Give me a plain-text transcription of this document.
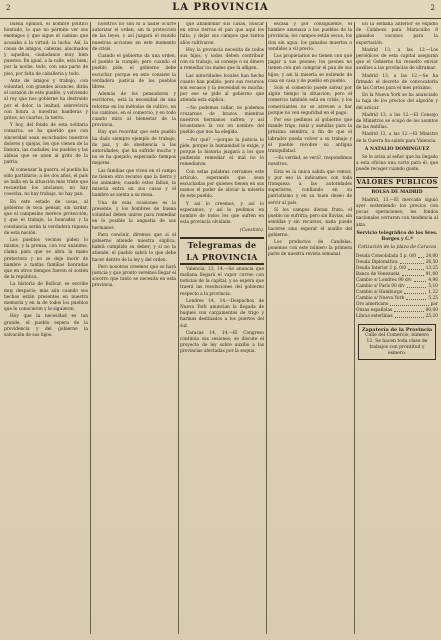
2	LA PROVINCIA	2

buena opinion, el hombre político honrado, lo que no permite ver sus enemigos y que sigue el camino que acusaba a la virtud: la lucha. Así, la causa de amigos, cabezas, alucinados y aquellos, ciudadanos muy bien puestos. En igual, a la calle, está bien; por la noche, todo, con una parte de piso, por falta de caballería y todo.

Ante de amigos y trabajo, con voluntad, con grandes alcances, dirán el corazón de este pueblo, y volviendo al rey que nos gobierne ha destruido por el dolor, la lealtad, sobrevivirá con honra a nuestras banderas y gritos, no cuartos, la tierra.

Y hoy, del fondo de esta solitaria comarca, se ha querido que con sinceridad sean escuchados nuestros dolores y quejas, los que vienen de la llanura, las ciudades, los pueblos y las aldeas que se unen al grito de la patria.

Al comenzar la guerra, el pueblo ha sido partidario; a los dos años, el país se halla en la situación más triste que recuerdan los ancianos; no hay cosecha, no hay trabajo, no hay pan.

En este estado de cosas, al gobierno le toca pensar, sin tardar, que el campesino merece protección; y que el trabajo, la honradez y la constancia serán la verdadera riqueza de esta nación.

Los pueblos vecinos piden lo mismo; y la prensa, con voz unánime, clama para que se abra la mano protectora y no se deje morir de hambre a tantas familias honradas que en otros tiempos fueron el sostén de la república.

La historia de Bolívar, se escribe muy despacio; más aún cuando sus hechos están presentes en nuestra memoria y en la de todos los pueblos que le conocieron y le siguieron.

Hoy que la necesidad es tan grande, el pueblo espera de la providencia y del gobierno la salvación de sus hijos.

nosotros no son ni a nadie ocurre autorizar el orden, sin la protección de las leyes, y así juzgará el mundo nuestras acciones en este momento de crisis.

Cuando el gobierno da una orden, el pueblo la cumple; pero cuando el pueblo pide, el gobierno debe escuchar, porque en esto consiste la verdadera justicia de los pueblos libres.

Además de los pensadores y escritores, está la necesidad de una reforma en los métodos de cultivo, en los caminos, en el comercio, y en todo cuanto mira al bienestar de la provincia.

Hay que recordar que este pueblo ha dado siempre ejemplo de trabajo, de paz, y de obediencia a las autoridades; que ha sufrido mucho y no se ha quejado, esperando tiempos mejores.

Las familias que viven en el campo no tienen otro recurso que la tierra y los animales; cuando estos faltan, la miseria entra en sus casas y el hambre se sienta a su mesa.

Una de esas ocasiones es la presente, y los hombres de buena voluntad deben unirse para remediar en lo posible la angustia de sus hermanos.

Para concluir, diremos que si el gobierno atiende nuestra súplica, habrá cumplido su deber; y si no la atiende, el pueblo sabrá lo que debe hacer dentro de la ley y del orden.

Pero nosotros creemos que se hará justicia y que pronto veremos llegar el socorro que tanto se necesita en esta provincia.

que abandonar sus casas, buscar en otras tierras el pan que aquí les falta, y dejar sus campos que tantos años cultivaron.

Hoy la provincia necesita de todos sus hijos, y todos deben contribuir con su trabajo, su consejo o su dinero a remediar los males que la afligen.

Las autoridades locales han hecho cuanto han podido; pero sus recursos son escasos y la necesidad es mucha; por eso se pide al gobierno que atienda esta súplica.

—No podemos callar; no podemos cruzarnos de brazos mientras nuestros hermanos sufren; y así levantamos la voz en nombre del pueblo que nos ha elegido.

—Por qué? —porque la justicia lo pide, porque la humanidad lo exige, y porque la historia juzgará a los que pudiendo remediar el mal no lo remediaron.

Con estas palabras cerramos este artículo, esperando que sean escuchadas por quienes tienen en sus manos el poder de aliviar la miseria de este pueblo.

Y así lo creemos, y así lo esperamos, y así lo pedimos en nombre de todos los que sufren en esta provincia olvidada.

(Cuestion).
Telegramas de LA PROVINCIA

Valencia, 13, 14.—Se anuncia que mañana llegará el vapor correo con noticias de la capital, y se espera que traerá las resoluciones del gobierno respecto a la provincia.

Londres 14, 14.—Despachos de Nueva York anuncian la llegada de buques con cargamentos de trigo y harinas destinados a los puertos del sur.

Caracas 14, 14.—El Congreso continúa sus sesiones; se discute el proyecto de ley sobre auxilio a las provincias afectadas por la sequía.

escasa y por consiguiente, el hambre amenaza a los pueblos de la provincia; los campos están secos, los ríos sin agua, los ganados muertos o vendidos a vil precio.

Los propietarios no tienen con qué pagar a sus peones; los peones no tienen con qué comprar el pan de sus hijos; y así la miseria se extiende de casa en casa y de pueblo en pueblo.

Solo el comercio puede salvar por algún tiempo la situación; pero el comercio también está en crisis, y los comerciantes no se atreven a fiar porque no ven seguridad en el pago.

Por eso pedimos al gobierno que mande trigo, maíz y semillas para la próxima siembra, a fin de que el labrador pueda volver a su trabajo y el pueblo recobre su antigua tranquilidad.

—Es verdad, se verá?, respondimos nosotros.

Esta es la única salida que vemos, y por eso la indicamos con toda franqueza a las autoridades superiores, confiando en su patriotismo y en su buen deseo de servir al país.

Si los campos dieran fruto, el pueblo no sufriría; pero sin lluvias, sin semillas y sin recursos, nada puede hacerse sino esperar el auxilio del gobierno.

Los productos de Candelas, ponemos con este número la primera parte de nuestra revista semanal.

En la semana anterior se expidió de Calabozo para Maracaibo 8 ganados vacunos para la exportación.

Madrid 13, a las 12.—Los periódicos de esta capital aseguran que el Gobierno ha resuelto enviar auxilios a las provincias de ultramar.

Madrid 13, a las 12.—Se ha firmado el decreto de convocatoria de las Cortes para el mes próximo.

En la Nueva York se ha anunciado la baja de los precios del algodón y del azúcar.

Madrid 13, a las 12.—El Consejo de Ministros se ocupó de los asuntos de las Antillas.

Madrid 13, a las 12.—El Ministro de la Guerra ha salido para Valencia.

A NATALIO DOMINGUEZ

Se le avisa al señor que ha llegado a esta oficina una carta para él, que puede recoger cuando guste.

VALORES PUBLICOS
BOLSA DE MADRID

Madrid, 13.—El mercado siguió ayer sosteniendo los precios con pocas operaciones; los fondos nacionales cerraron con tendencia al alza.

Servicio telegráfico de los Sres. Borges y C.ª
Cotización de la plaza de Caracas
Deuda Consolidada 5 p. 0/0 24,00
Deuda Diplomática	26,50
Deuda Interior 1 p. 0/0	13,25
Banco de Venezuela	91,00
Cambio s/ Londres 90 d/v	4,96
Cambio s/ París 90 d/v	5,10
Cambio s/ Hamburgo	1,22
Cambio s/ Nueva York	5,25
Oro americano	par
Onzas españolas	80,00
Libras esterlinas	25,20
Zapatería de la Provincia
Calle del Comercio, número 12. Se hacen toda clase de trabajos con prontitud y esmero.
